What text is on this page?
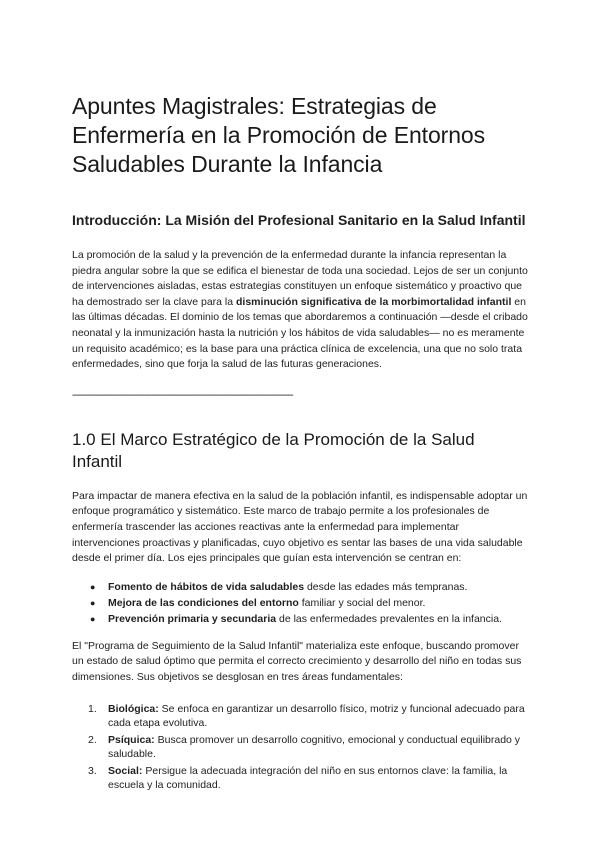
Apuntes Magistrales: Estrategias de Enfermería en la Promoción de Entornos Saludables Durante la Infancia
Introducción: La Misión del Profesional Sanitario en la Salud Infantil

La promoción de la salud y la prevención de la enfermedad durante la infancia representan la piedra angular sobre la que se edifica el bienestar de toda una sociedad. Lejos de ser un conjunto de intervenciones aisladas, estas estrategias constituyen un enfoque sistemático y proactivo que ha demostrado ser la clave para la disminución significativa de la morbimortalidad infantil en las últimas décadas. El dominio de los temas que abordaremos a continuación —desde el cribado neonatal y la inmunización hasta la nutrición y los hábitos de vida saludables— no es meramente un requisito académico; es la base para una práctica clínica de excelencia, una que no solo trata enfermedades, sino que forja la salud de las futuras generaciones.

------------------------------------------------------------------------------------------------
1.0 El Marco Estratégico de la Promoción de la Salud Infantil

Para impactar de manera efectiva en la salud de la población infantil, es indispensable adoptar un enfoque programático y sistemático. Este marco de trabajo permite a los profesionales de enfermería trascender las acciones reactivas ante la enfermedad para implementar intervenciones proactivas y planificadas, cuyo objetivo es sentar las bases de una vida saludable desde el primer día. Los ejes principales que guían esta intervención se centran en:

● Fomento de hábitos de vida saludables desde las edades más tempranas.
● Mejora de las condiciones del entorno familiar y social del menor.
● Prevención primaria y secundaria de las enfermedades prevalentes en la infancia.

El "Programa de Seguimiento de la Salud Infantil" materializa este enfoque, buscando promover un estado de salud óptimo que permita el correcto crecimiento y desarrollo del niño en todas sus dimensiones. Sus objetivos se desglosan en tres áreas fundamentales:

1. Biológica: Se enfoca en garantizar un desarrollo físico, motriz y funcional adecuado para cada etapa evolutiva.
2. Psíquica: Busca promover un desarrollo cognitivo, emocional y conductual equilibrado y saludable.
3. Social: Persigue la adecuada integración del niño en sus entornos clave: la familia, la escuela y la comunidad.
